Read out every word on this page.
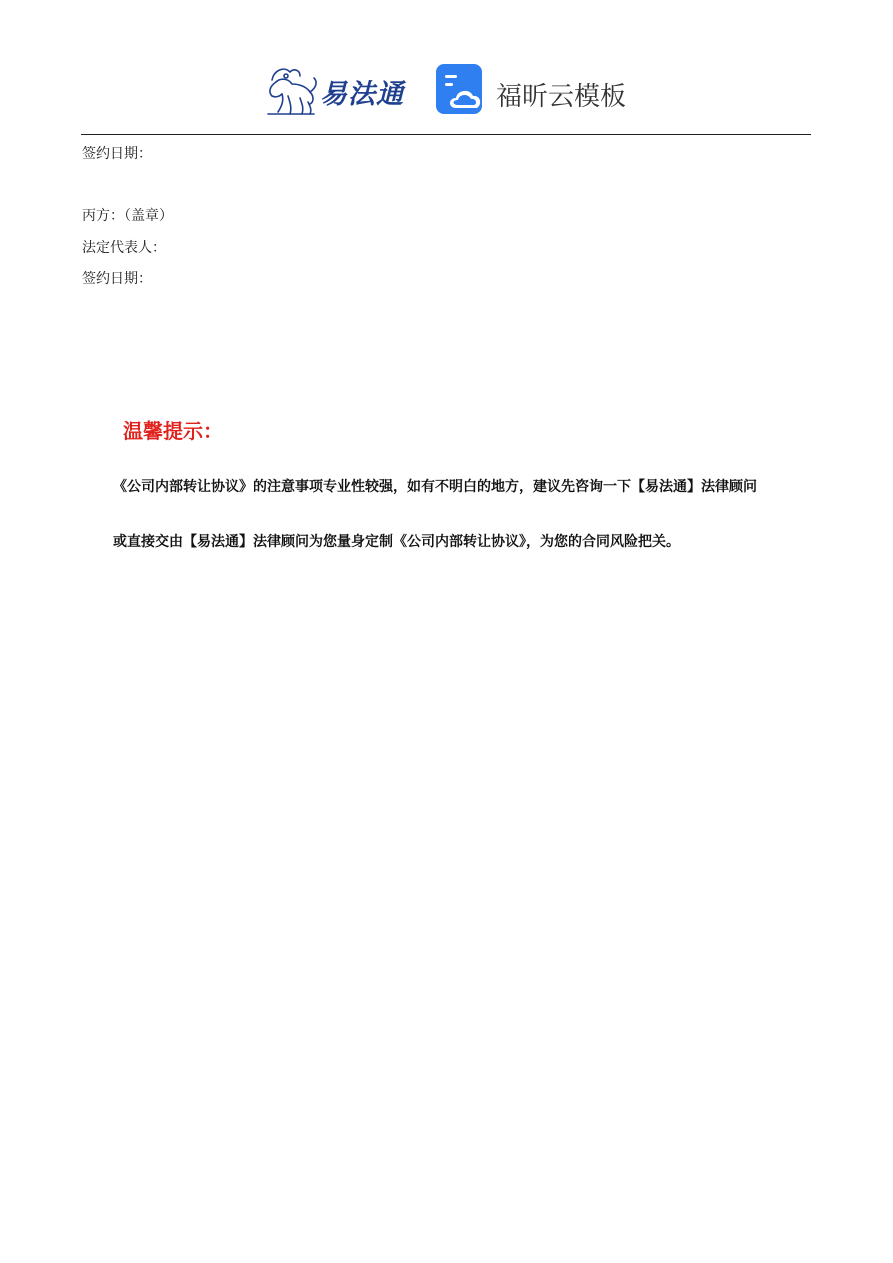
易法通	福昕云模板
签约日期：
丙方：（盖章）
法定代表人：
签约日期：
温馨提示：
《公司内部转让协议》的注意事项专业性较强，如有不明白的地方，建议先咨询一下【易法通】法律顾问
或直接交由【易法通】法律顾问为您量身定制《公司内部转让协议》，为您的合同风险把关。
